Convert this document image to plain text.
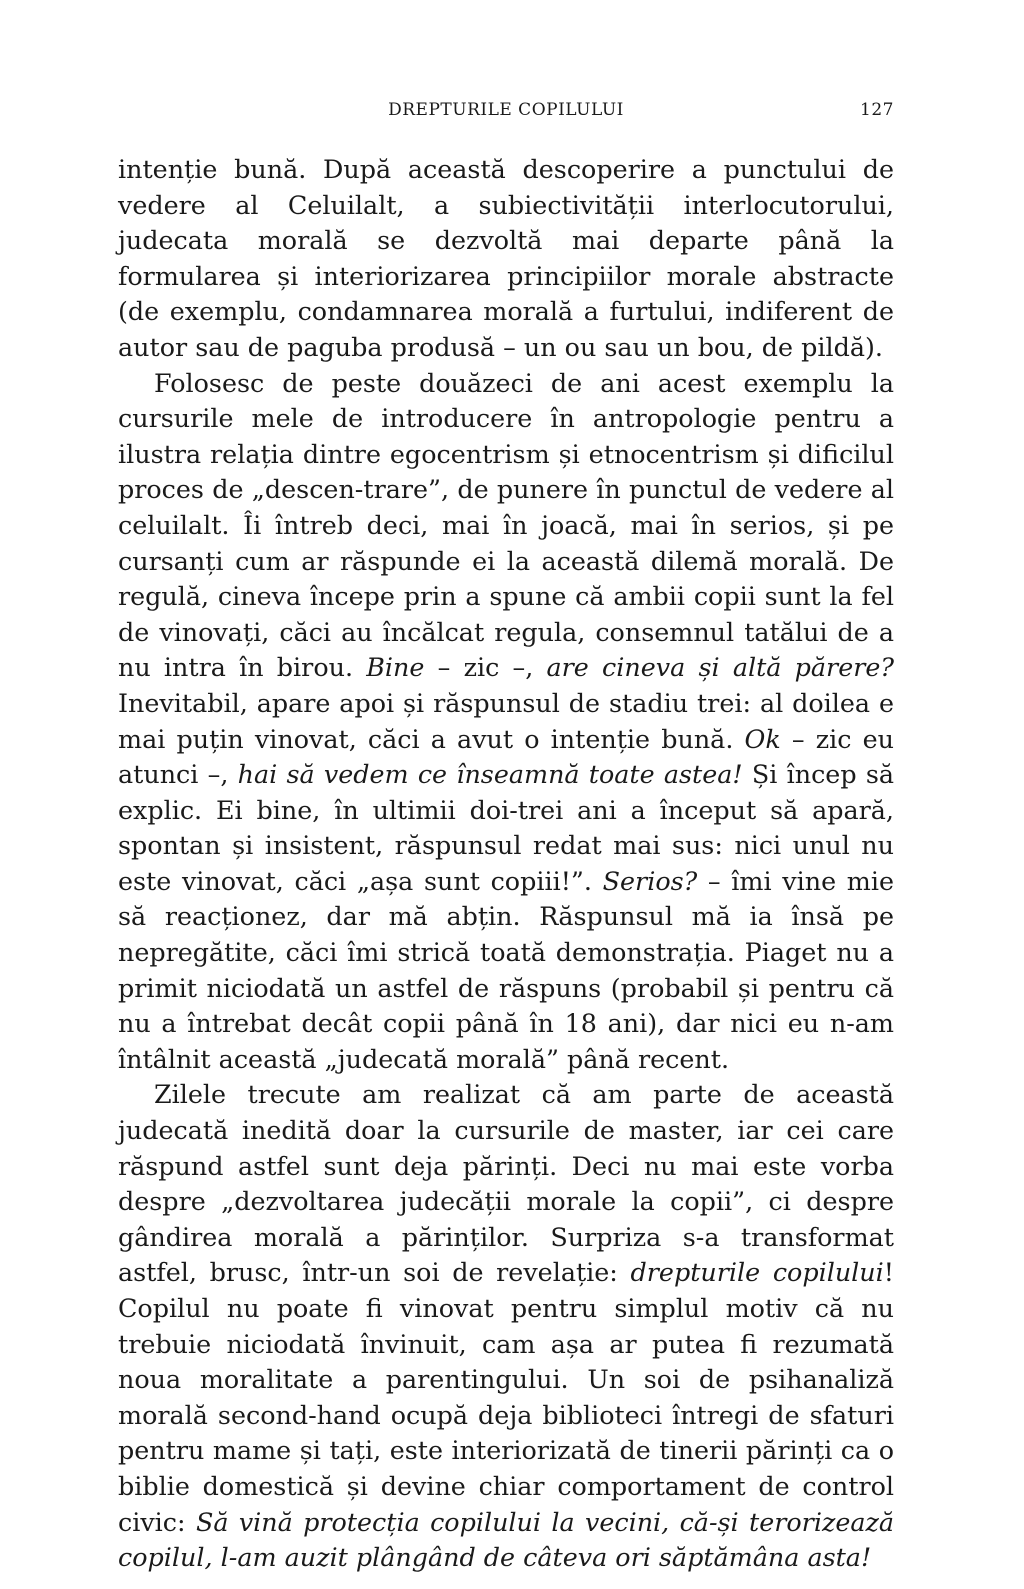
DREPTURILE COPILULUI	127

intenție bună. După această descoperire a punctului de vedere al Celuilalt, a subiectivității interlocutorului, judecata morală se dezvoltă mai departe până la formularea și interiorizarea principiilor morale abstracte (de exemplu, condamnarea morală a furtului, indiferent de autor sau de paguba produsă – un ou sau un bou, de pildă).

Folosesc de peste douăzeci de ani acest exemplu la cursurile mele de introducere în antropologie pentru a ilustra relația dintre egocentrism și etnocentrism și dificilul proces de „descen-trare”, de punere în punctul de vedere al celuilalt. Îi întreb deci, mai în joacă, mai în serios, și pe cursanți cum ar răspunde ei la această dilemă morală. De regulă, cineva începe prin a spune că ambii copii sunt la fel de vinovați, căci au încălcat regula, consemnul tatălui de a nu intra în birou. Bine – zic –, are cineva și altă părere? Inevitabil, apare apoi și răspunsul de stadiu trei: al doilea e mai puțin vinovat, căci a avut o intenție bună. Ok – zic eu atunci –, hai să vedem ce înseamnă toate astea! Și încep să explic. Ei bine, în ultimii doi-trei ani a început să apară, spontan și insistent, răspunsul redat mai sus: nici unul nu este vinovat, căci „așa sunt copiii!”. Serios? – îmi vine mie să reacționez, dar mă abțin. Răspunsul mă ia însă pe nepregătite, căci îmi strică toată demonstrația. Piaget nu a primit niciodată un astfel de răspuns (probabil și pentru că nu a întrebat decât copii până în 18 ani), dar nici eu n-am întâlnit această „judecată morală” până recent.

Zilele trecute am realizat că am parte de această judecată inedită doar la cursurile de master, iar cei care răspund astfel sunt deja părinți. Deci nu mai este vorba despre „dezvoltarea judecății morale la copii”, ci despre gândirea morală a părinților. Surpriza s-a transformat astfel, brusc, într-un soi de revelație: drepturile copilului! Copilul nu poate fi vinovat pentru simplul motiv că nu trebuie niciodată învinuit, cam așa ar putea fi rezumată noua moralitate a parentingului. Un soi de psihanaliză morală second-hand ocupă deja biblioteci întregi de sfaturi pentru mame și tați, este interiorizată de tinerii părinți ca o biblie domestică și devine chiar comportament de control civic: Să vină protecția copilului la vecini, că-și terorizează copilul, l-am auzit plângând de câteva ori săptămâna asta!
